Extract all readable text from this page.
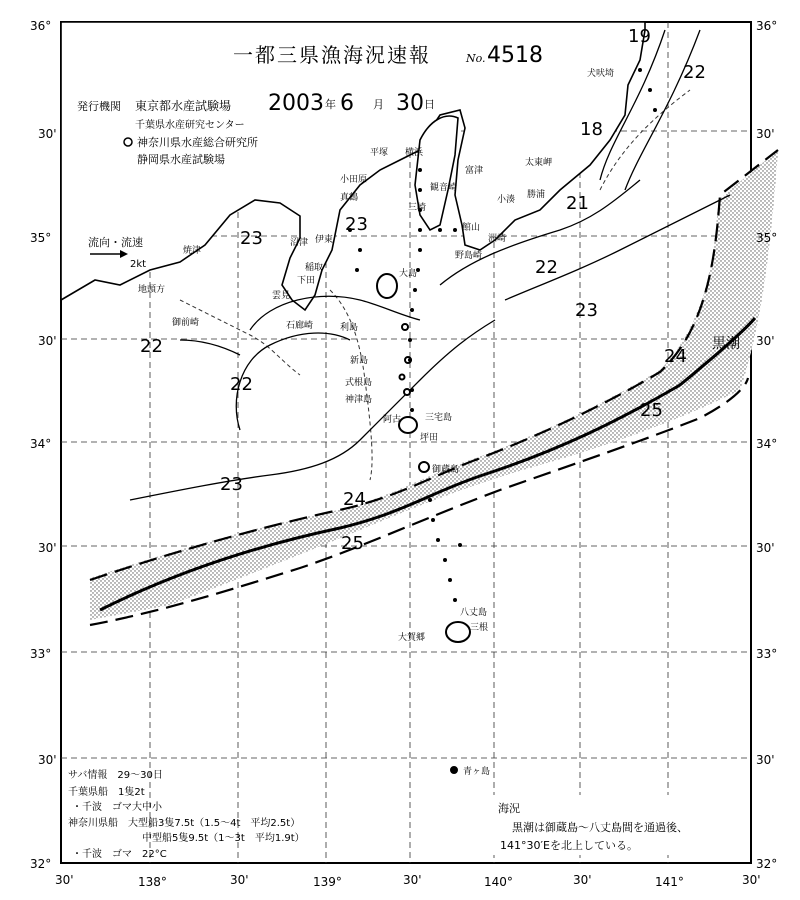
流向・流速
2kt
一都三県漁海況速報	No. 4518
2003 年 6 月 30 日
発行機関 東京都水産試験場
千葉県水産研究センター
神奈川県水産総合研究所
静岡県水産試験場
19
22
18
21
22
23
23
23
22
22
23
24
25
24
25
黒潮
犬吠埼
太東岬
勝浦
小湊
洲崎
野島崎
館山
富津
観音崎
三崎
横浜
平塚
小田原
真鶴
伊東
稲取
下田
石廊崎
雲見
沼津
焼津
御前崎
地頭方
大島
利島
新島
式根島
神津島
三宅島
阿古
坪田
御蔵島
八丈島
三根
大賀郷
青ヶ島
36°
30'
35°
30'
34°
30'
33°
30'
32°
36°
30'
35°
30'
34°
30'
33°
30'
32°
30'	138°	30'	139°	30'	140°	30'	141°	30'
サバ情報　29〜30日
千葉県船　1隻2t
・千波　ゴマ大中小
神奈川県船　大型船3隻7.5t（1.5〜4t　平均2.5t）
中型船5隻9.5t（1〜3t　平均1.9t）
・千波　ゴマ　22°C
海況
黒潮は御蔵島〜八丈島間を通過後、
141°30′Eを北上している。
